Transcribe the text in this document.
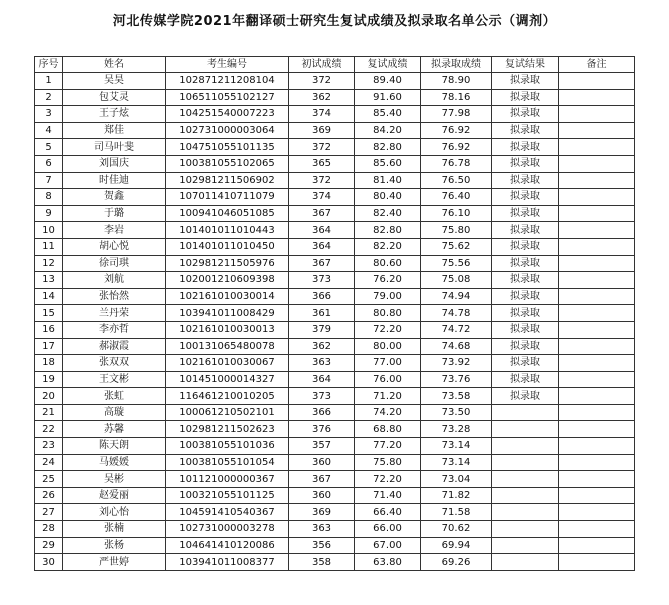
河北传媒学院2021年翻译硕士研究生复试成绩及拟录取名单公示（调剂）
序号	姓名	考生编号	初试成绩	复试成绩	拟录取成绩	复试结果	备注
1	吴昊	102871211208104	372	89.40	78.90	拟录取	
2	包艾灵	106511055102127	362	91.60	78.16	拟录取	
3	王子炫	104251540007223	374	85.40	77.98	拟录取	
4	郑佳	102731000003064	369	84.20	76.92	拟录取	
5	司马叶斐	104751055101135	372	82.80	76.92	拟录取	
6	刘国庆	100381055102065	365	85.60	76.78	拟录取	
7	时佳迪	102981211506902	372	81.40	76.50	拟录取	
8	贺鑫	107011410711079	374	80.40	76.40	拟录取	
9	于璐	100941046051085	367	82.40	76.10	拟录取	
10	李岩	101401011010443	364	82.80	75.80	拟录取	
11	胡心悦	101401011010450	364	82.20	75.62	拟录取	
12	徐司琪	102981211505976	367	80.60	75.56	拟录取	
13	刘航	102001210609398	373	76.20	75.08	拟录取	
14	张怡然	102161010030014	366	79.00	74.94	拟录取	
15	兰丹荣	103941011008429	361	80.80	74.78	拟录取	
16	李亦哲	102161010030013	379	72.20	74.72	拟录取	
17	郝淑霞	100131065480078	362	80.00	74.68	拟录取	
18	张双双	102161010030067	363	77.00	73.92	拟录取	
19	王文彬	101451000014327	364	76.00	73.76	拟录取	
20	张虹	116461210010205	373	71.20	73.58	拟录取	
21	高璇	100061210502101	366	74.20	73.50		
22	苏馨	102981211502623	376	68.80	73.28		
23	陈天朗	100381055101036	357	77.20	73.14		
24	马媛媛	100381055101054	360	75.80	73.14		
25	吴彬	101121000000367	367	72.20	73.04		
26	赵爱丽	100321055101125	360	71.40	71.82		
27	刘心怡	104591410540367	369	66.40	71.58		
28	张楠	102731000003278	363	66.00	70.62		
29	张杨	104641410120086	356	67.00	69.94		
30	严世婷	103941011008377	358	63.80	69.26		
